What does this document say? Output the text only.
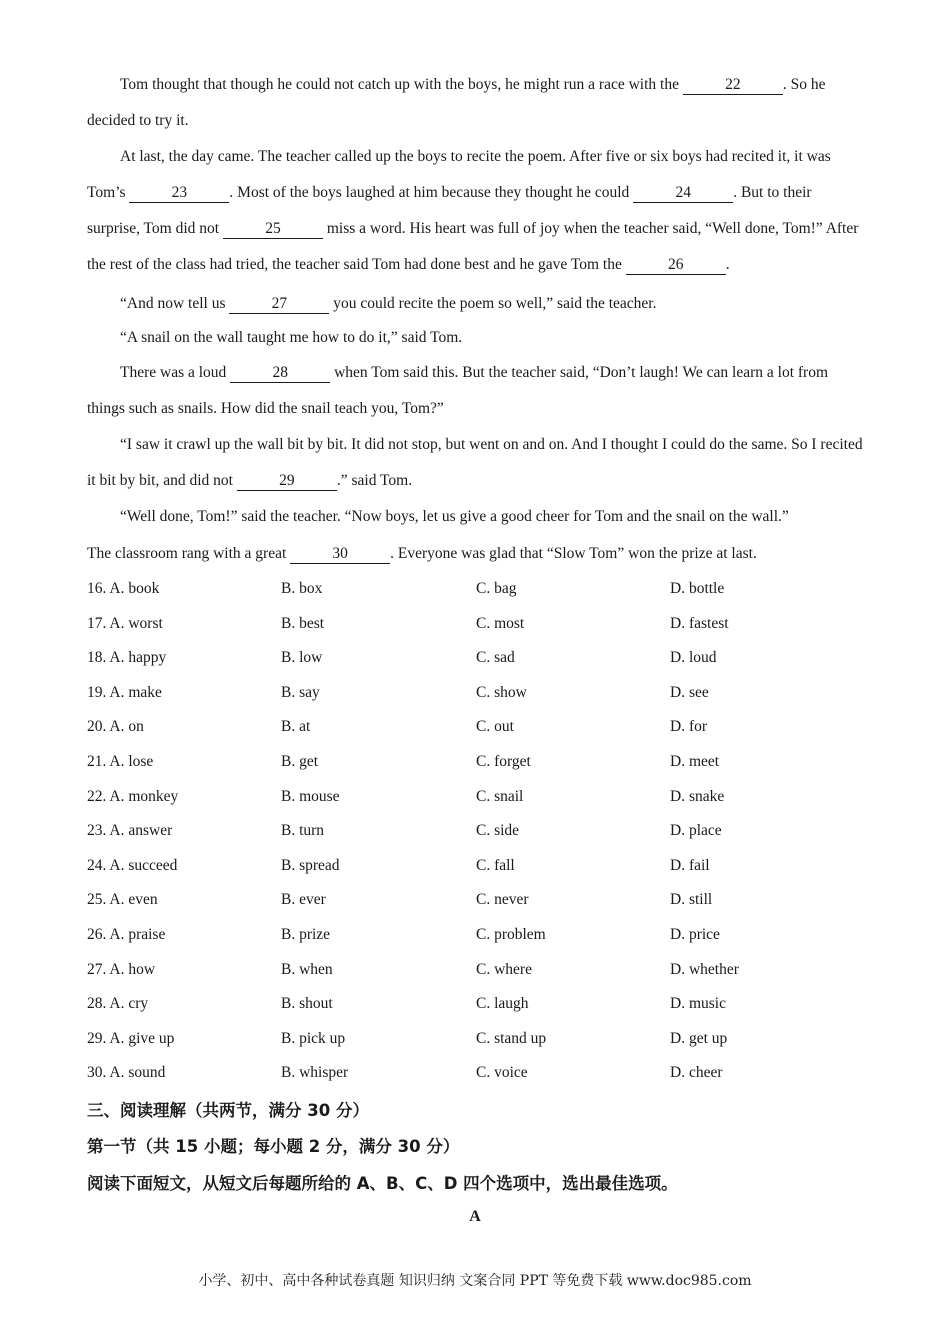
Tom thought that though he could not catch up with the boys, he might run a race with the	22	. So he decided to try it.
At last, the day came. The teacher called up the boys to recite the poem. After five or six boys had recited it, it was Tom’s	23	. Most of the boys laughed at him because they thought he could	24	. But to their surprise, Tom did not	25	miss a word. His heart was full of joy when the teacher said, “Well done, Tom!” After the rest of the class had tried, the teacher said Tom had done best and he gave Tom the	26	.
“And now tell us	27	you could recite the poem so well,” said the teacher.
“A snail on the wall taught me how to do it,” said Tom.
There was a loud	28	when Tom said this. But the teacher said, “Don’t laugh! We can learn a lot from things such as snails. How did the snail teach you, Tom?”
“I saw it crawl up the wall bit by bit. It did not stop, but went on and on. And I thought I could do the same. So I recited it bit by bit, and did not	29	.” said Tom.
“Well done, Tom!” said the teacher. “Now boys, let us give a good cheer for Tom and the snail on the wall.”
The classroom rang with a great	30	. Everyone was glad that “Slow Tom” won the prize at last.
16. A. book	B. box	C. bag	D. bottle
17. A. worst	B. best	C. most	D. fastest
18. A. happy	B. low	C. sad	D. loud
19. A. make	B. say	C. show	D. see
20. A. on	B. at	C. out	D. for
21. A. lose	B. get	C. forget	D. meet
22. A. monkey	B. mouse	C. snail	D. snake
23. A. answer	B. turn	C. side	D. place
24. A. succeed	B. spread	C. fall	D. fail
25. A. even	B. ever	C. never	D. still
26. A. praise	B. prize	C. problem	D. price
27. A. how	B. when	C. where	D. whether
28. A. cry	B. shout	C. laugh	D. music
29. A. give up	B. pick up	C. stand up	D. get up
30. A. sound	B. whisper	C. voice	D. cheer
三、阅读理解（共两节，满分 30 分）
第一节（共 15 小题；每小题 2 分，满分 30 分）
阅读下面短文，从短文后每题所给的 A、B、C、D 四个选项中，选出最佳选项。
A
小学、初中、高中各种试卷真题 知识归纳 文案合同 PPT 等免费下载 www.doc985.com
